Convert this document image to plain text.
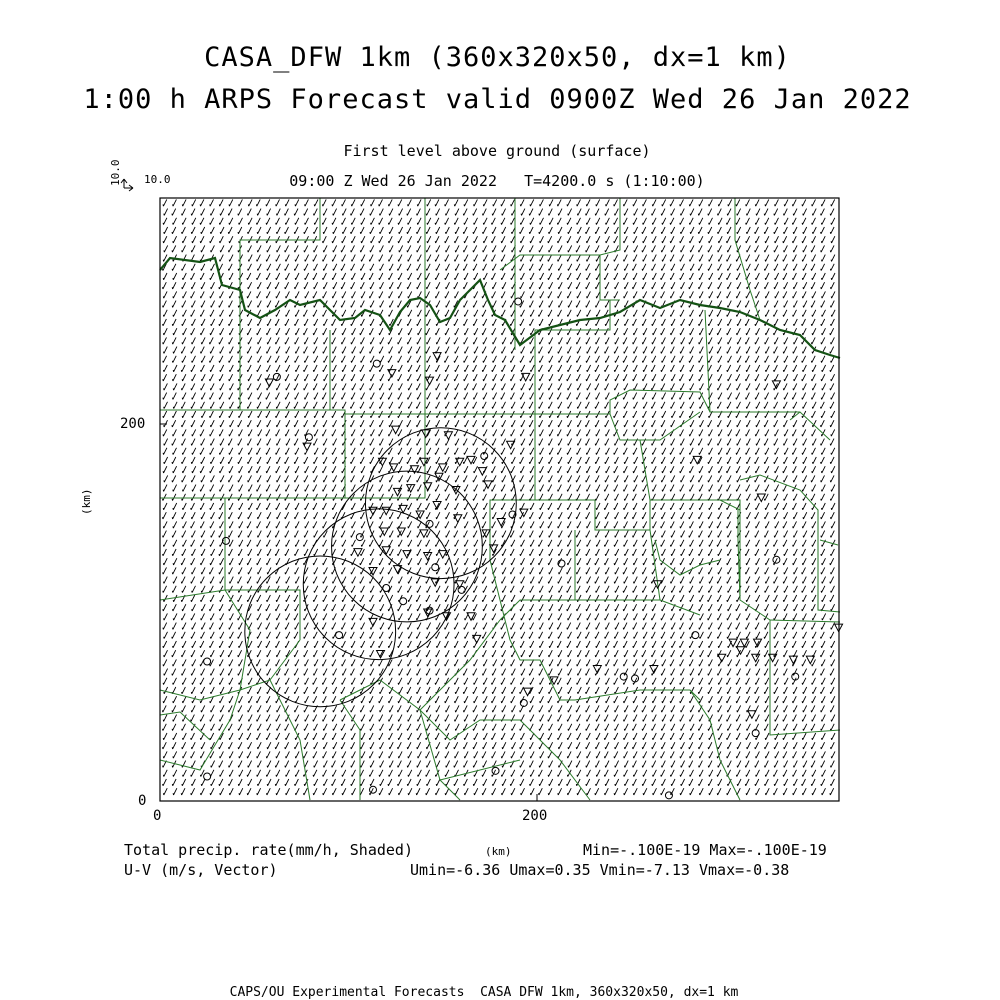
CASA_DFW 1km (360x320x50, dx=1 km)
1:00 h ARPS Forecast valid 0900Z Wed 26 Jan 2022
First level above ground (surface)
09:00 Z Wed 26 Jan 2022   T=4200.0 s (1:10:00)
10.0 10.0
200
0
0	200
(km)
(km)
Total precip. rate(mm/h, Shaded)
U-V (m/s, Vector)
Min=-.100E-19 Max=-.100E-19
Umin=-6.36 Umax=0.35 Vmin=-7.13 Vmax=-0.38
CAPS/OU Experimental Forecasts  CASA DFW 1km, 360x320x50, dx=1 km
